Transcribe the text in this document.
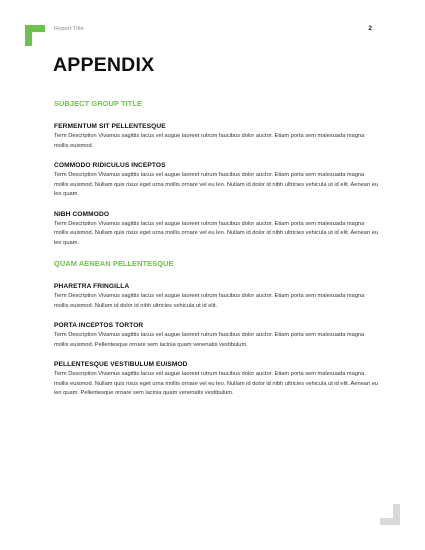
Report Title	2
APPENDIX
SUBJECT GROUP TITLE
FERMENTUM SIT PELLENTESQUE

Term Description Vivamus sagittis lacus vel augue laoreet rutrum faucibus dolor auctor. Etiam porta sem malesuada magna mollis euismod.

COMMODO RIDICULUS INCEPTOS

Term Description Vivamus sagittis lacus vel augue laoreet rutrum faucibus dolor auctor. Etiam porta sem malesuada magna mollis euismod. Nullam quis risus eget urna mollis ornare vel eu leo. Nullam id dolor id nibh ultricies vehicula ut id elit. Aenean eu leo quam.

NIBH COMMODO

Term Description Vivamus sagittis lacus vel augue laoreet rutrum faucibus dolor auctor. Etiam porta sem malesuada magna mollis euismod. Nullam quis risus eget urna mollis ornare vel eu leo. Nullam id dolor id nibh ultricies vehicula ut id elit. Aenean eu leo quam.

QUAM AENEAN PELLENTESQUE
PHARETRA FRINGILLA

Term Description Vivamus sagittis lacus vel augue laoreet rutrum faucibus dolor auctor. Etiam porta sem malesuada magna mollis euismod. Nullam id dolor id nibh ultricies vehicula ut id elit.

PORTA INCEPTOS TORTOR

Term Description Vivamus sagittis lacus vel augue laoreet rutrum faucibus dolor auctor. Etiam porta sem malesuada magna mollis euismod. Pellentesque ornare sem lacinia quam venenatis vestibulum.

PELLENTESQUE VESTIBULUM EUISMOD

Term Description Vivamus sagittis lacus vel augue laoreet rutrum faucibus dolor auctor. Etiam porta sem malesuada magna mollis euismod. Nullam quis risus eget urna mollis ornare vel eu leo. Nullam id dolor id nibh ultricies vehicula ut id elit. Aenean eu leo quam. Pellentesque ornare sem lacinia quam venenatis vestibulum.
